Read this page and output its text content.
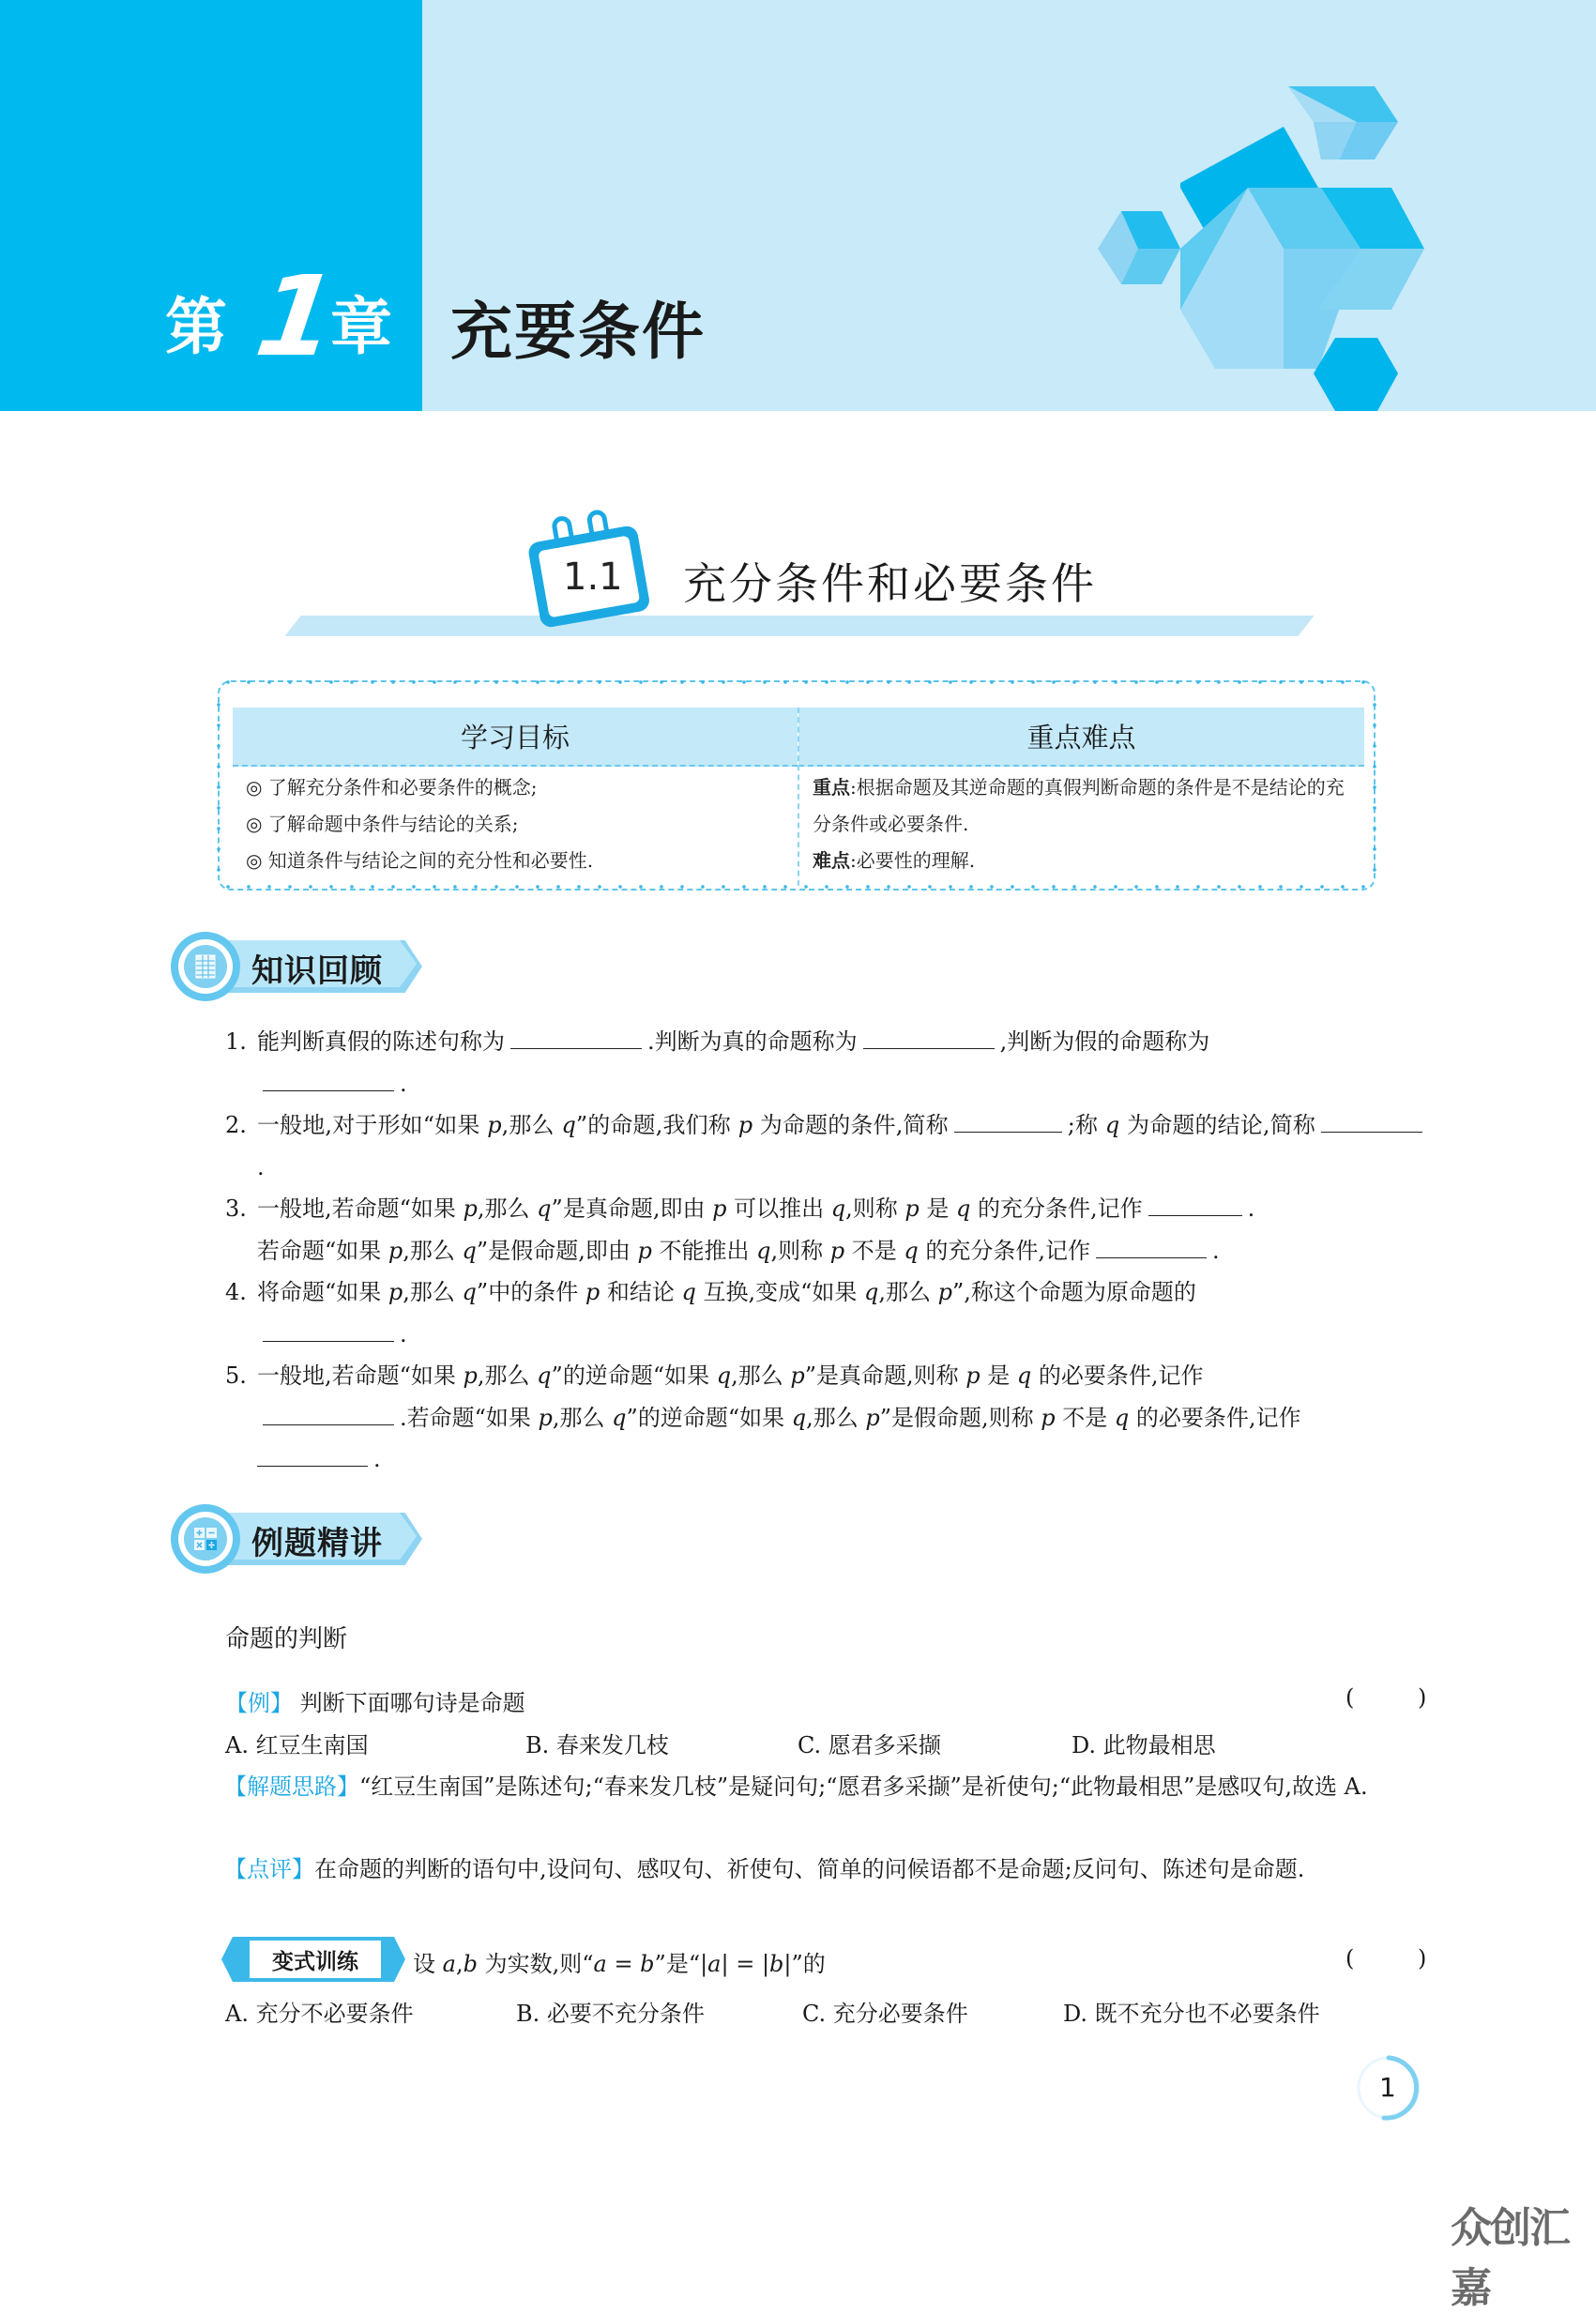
第 1
章 充要条件
1.1 充分条件和必要条件
学习目标	重点难点
◎ 了解充分条件和必要条件的概念;
◎ 了解命题中条件与结论的关系;
◎ 知道条件与结论之间的充分性和必要性.
重点:根据命题及其逆命题的真假判断命题的条件是不是结论的充分条件或必要条件.
难点:必要性的理解.
知识回顾
1. 能判断真假的陈述句称为	.判断为真的命题称为	,判断为假的命题称为
.
2. 一般地,对于形如“如果 p,那么 q”的命题,我们称 p 为命题的条件,简称	;称 q 为命题的结论,简称.
3. 一般地,若命题“如果 p,那么 q”是真命题,即由 p 可以推出 q,则称 p 是 q 的充分条件,记作	.
若命题“如果 p,那么 q”是假命题,即由 p 不能推出 q,则称 p 不是 q 的充分条件,记作	.
4. 将命题“如果 p,那么 q”中的条件 p 和结论 q 互换,变成“如果 q,那么 p”,称这个命题为原命题的
.
5. 一般地,若命题“如果 p,那么 q”的逆命题“如果 q,那么 p”是真命题,则称 p 是 q 的必要条件,记作
.若命题“如果 p,那么 q”的逆命题“如果 q,那么 p”是假命题,则称 p 不是 q 的必要条件,记作
.
例题精讲
命题的判断
【例】 判断下面哪句诗是命题	( )
A. 红豆生南国	B. 春来发几枝	C. 愿君多采撷	D. 此物最相思
【解题思路】“红豆生南国”是陈述句;“春来发几枝”是疑问句;“愿君多采撷”是祈使句;“此物最相思”是感叹句,故选 A.
【点评】在命题的判断的语句中,设问句、感叹句、祈使句、简单的问候语都不是命题;反问句、陈述句是命题.
变式训练	设 a,b 为实数,则“a = b”是“|a| = |b|”的	( )
A. 充分不必要条件	B. 必要不充分条件	C. 充分必要条件	D. 既不充分也不必要条件
1
众创汇嘉
